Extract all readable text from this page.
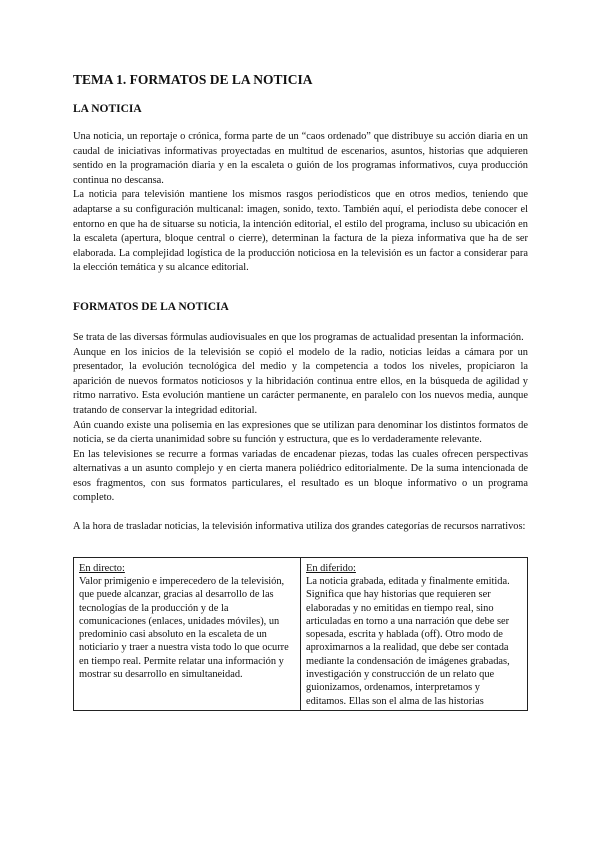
TEMA 1. FORMATOS DE LA NOTICIA
LA NOTICIA

Una noticia, un reportaje o crónica, forma parte de un “caos ordenado” que distribuye su acción diaria en un caudal de iniciativas informativas proyectadas en multitud de escenarios, asuntos, historias que adquieren sentido en la programación diaria y en la escaleta o guión de los programas informativos, cuya producción continua no descansa.

La noticia para televisión mantiene los mismos rasgos periodísticos que en otros medios, teniendo que adaptarse a su configuración multicanal: imagen, sonido, texto. También aquí, el periodista debe conocer el entorno en que ha de situarse su noticia, la intención editorial, el estilo del programa, incluso su ubicación en la escaleta (apertura, bloque central o cierre), determinan la factura de la pieza informativa que ha de ser elaborada. La complejidad logística de la producción noticiosa en la televisión es un factor a considerar para la elección temática y su alcance editorial.

FORMATOS DE LA NOTICIA

Se trata de las diversas fórmulas audiovisuales en que los programas de actualidad presentan la información.

Aunque en los inicios de la televisión se copió el modelo de la radio, noticias leídas a cámara por un presentador, la evolución tecnológica del medio y la competencia a todos los niveles, propiciaron la aparición de nuevos formatos noticiosos y la hibridación continua entre ellos, en la búsqueda de agilidad y ritmo narrativo. Esta evolución mantiene un carácter permanente, en paralelo con los nuevos media, aunque tratando de conservar la integridad editorial.

Aún cuando existe una polisemia en las expresiones que se utilizan para denominar los distintos formatos de noticia, se da cierta unanimidad sobre su función y estructura, que es lo verdaderamente relevante.

En las televisiones se recurre a formas variadas de encadenar piezas, todas las cuales ofrecen perspectivas alternativas a un asunto complejo y en cierta manera poliédrico editorialmente. De la suma intencionada de esos fragmentos, con sus formatos particulares, el resultado es un bloque informativo o un programa completo.

A la hora de trasladar noticias, la televisión informativa utiliza dos grandes categorías de recursos narrativos:

En directo:
Valor primigenio e imperecedero de la televisión, que puede alcanzar, gracias al desarrollo de las tecnologías de la producción y de la comunicaciones (enlaces, unidades móviles), un predominio casi absoluto en la escaleta de un noticiario y traer a nuestra vista todo lo que ocurre en tiempo real. Permite relatar una información y mostrar su desarrollo en simultaneidad.

En diferido:
La noticia grabada, editada y finalmente emitida. Significa que hay historias que requieren ser elaboradas y no emitidas en tiempo real, sino articuladas en torno a una narración que debe ser sopesada, escrita y hablada (off). Otro modo de aproximarnos a la realidad, que debe ser contada mediante la condensación de imágenes grabadas, investigación y construcción de un relato que guionizamos, ordenamos, interpretamos y editamos. Ellas son el alma de las historias
